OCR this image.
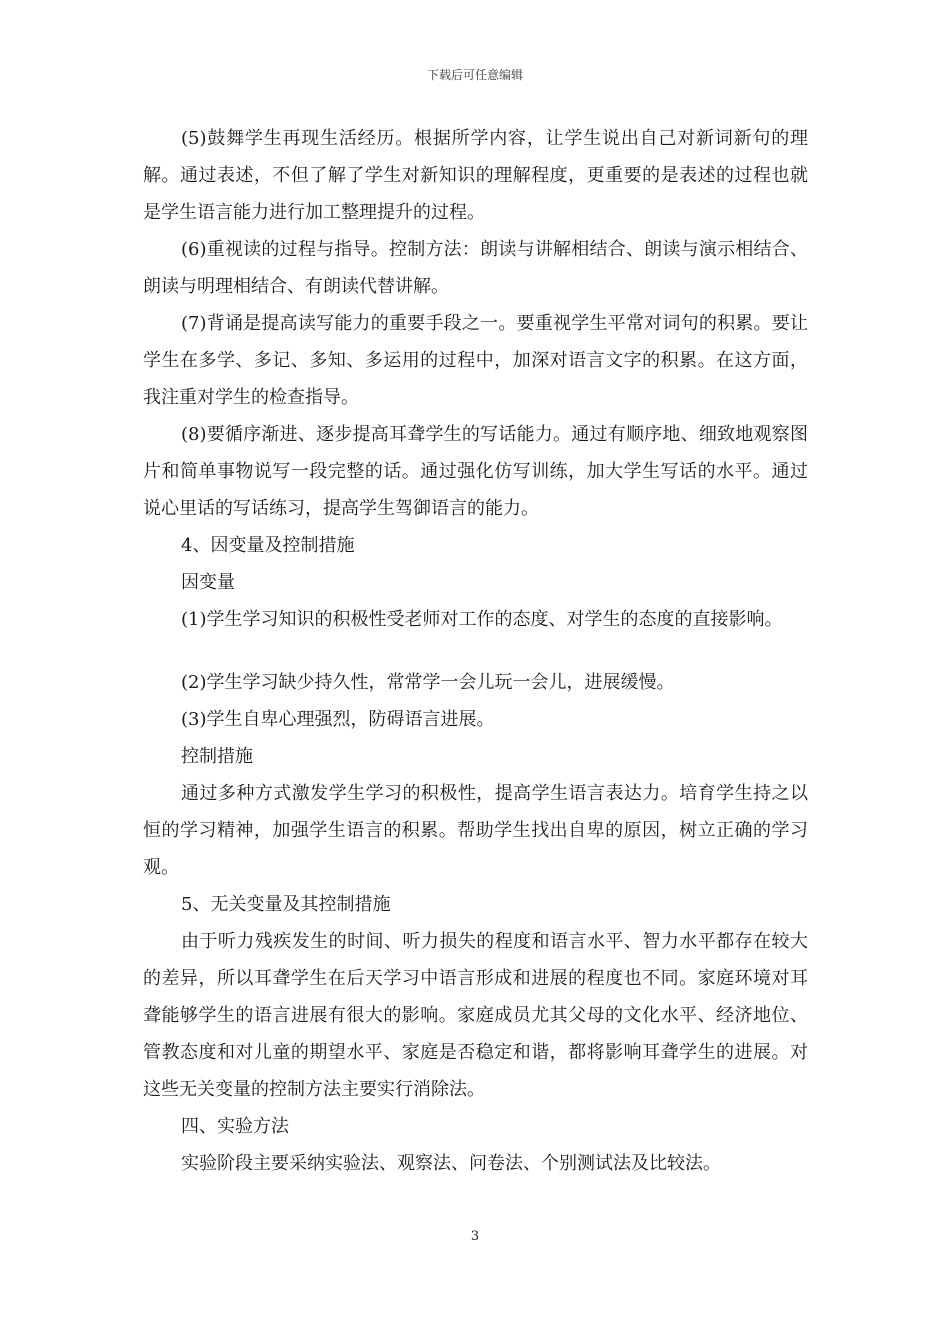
下载后可任意编辑

(5)鼓舞学生再现生活经历。根据所学内容，让学生说出自己对新词新句的理解。通过表述，不但了解了学生对新知识的理解程度，更重要的是表述的过程也就是学生语言能力进行加工整理提升的过程。

(6)重视读的过程与指导。控制方法：朗读与讲解相结合、朗读与演示相结合、朗读与明理相结合、有朗读代替讲解。

(7)背诵是提高读写能力的重要手段之一。要重视学生平常对词句的积累。要让学生在多学、多记、多知、多运用的过程中，加深对语言文字的积累。在这方面，我注重对学生的检查指导。

(8)要循序渐进、逐步提高耳聋学生的写话能力。通过有顺序地、细致地观察图片和简单事物说写一段完整的话。通过强化仿写训练，加大学生写话的水平。通过说心里话的写话练习，提高学生驾御语言的能力。

4、因变量及控制措施

因变量

(1)学生学习知识的积极性受老师对工作的态度、对学生的态度的直接影响。

(2)学生学习缺少持久性，常常学一会儿玩一会儿，进展缓慢。

(3)学生自卑心理强烈，防碍语言进展。

控制措施

通过多种方式激发学生学习的积极性，提高学生语言表达力。培育学生持之以恒的学习精神，加强学生语言的积累。帮助学生找出自卑的原因，树立正确的学习观。

5、无关变量及其控制措施

由于听力残疾发生的时间、听力损失的程度和语言水平、智力水平都存在较大的差异，所以耳聋学生在后天学习中语言形成和进展的程度也不同。家庭环境对耳聋能够学生的语言进展有很大的影响。家庭成员尤其父母的文化水平、经济地位、管教态度和对儿童的期望水平、家庭是否稳定和谐，都将影响耳聋学生的进展。对这些无关变量的控制方法主要实行消除法。

四、实验方法

实验阶段主要采纳实验法、观察法、问卷法、个别测试法及比较法。

3
